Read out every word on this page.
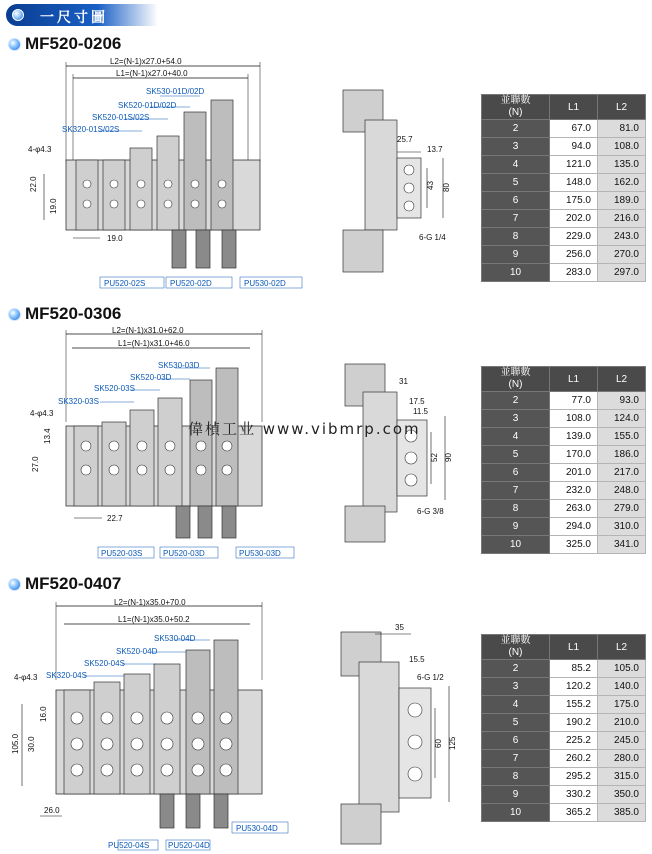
一尺寸圖
MF520-0206
L2=(N-1)x27.0+54.0
L1=(N-1)x27.0+40.0
22.0
19.0
4-φ4.3
19.0
SK530-01D/02D
SK520-01D/02D
SK520-01S/02S
SK320-01S/02S
PU520-02S	PU520-02D	PU530-02D
25.7
13.7
43 80
6-G 1/4
並聯數
(N)	L1	L2
2	67.0	81.0
3	94.0	108.0
4	121.0	135.0
5	148.0	162.0
6	175.0	189.0
7	202.0	216.0
8	229.0	243.0
9	256.0	270.0
10	283.0	297.0
MF520-0306
L2=(N-1)x31.0+62.0
L1=(N-1)x31.0+46.0
4-φ4.3
13.4
27.0
22.7
SK530-03D
SK520-03D
SK520-03S
SK320-03S
PU520-03S	PU520-03D	PU530-03D
31
17.5
11.5
52 90
6-G 3/8
並聯數
(N)	L1	L2
2	77.0	93.0
3	108.0	124.0
4	139.0	155.0
5	170.0	186.0
6	201.0	217.0
7	232.0	248.0
8	263.0	279.0
9	294.0	310.0
10	325.0	341.0
偉楨工业 www.vibmrp.com
MF520-0407
L2=(N-1)x35.0+70.0
L1=(N-1)x35.0+50.2
4-φ4.3
105.0 30.0
16.0
26.0
SK530-04D
SK520-04D
SK520-04S
SK320-04S
PU520-04S PU520-04D
PU530-04D
35
15.5
6-G 1/2
60 125
並聯數
(N)	L1	L2
2	85.2	105.0
3	120.2	140.0
4	155.2	175.0
5	190.2	210.0
6	225.2	245.0
7	260.2	280.0
8	295.2	315.0
9	330.2	350.0
10	365.2	385.0
